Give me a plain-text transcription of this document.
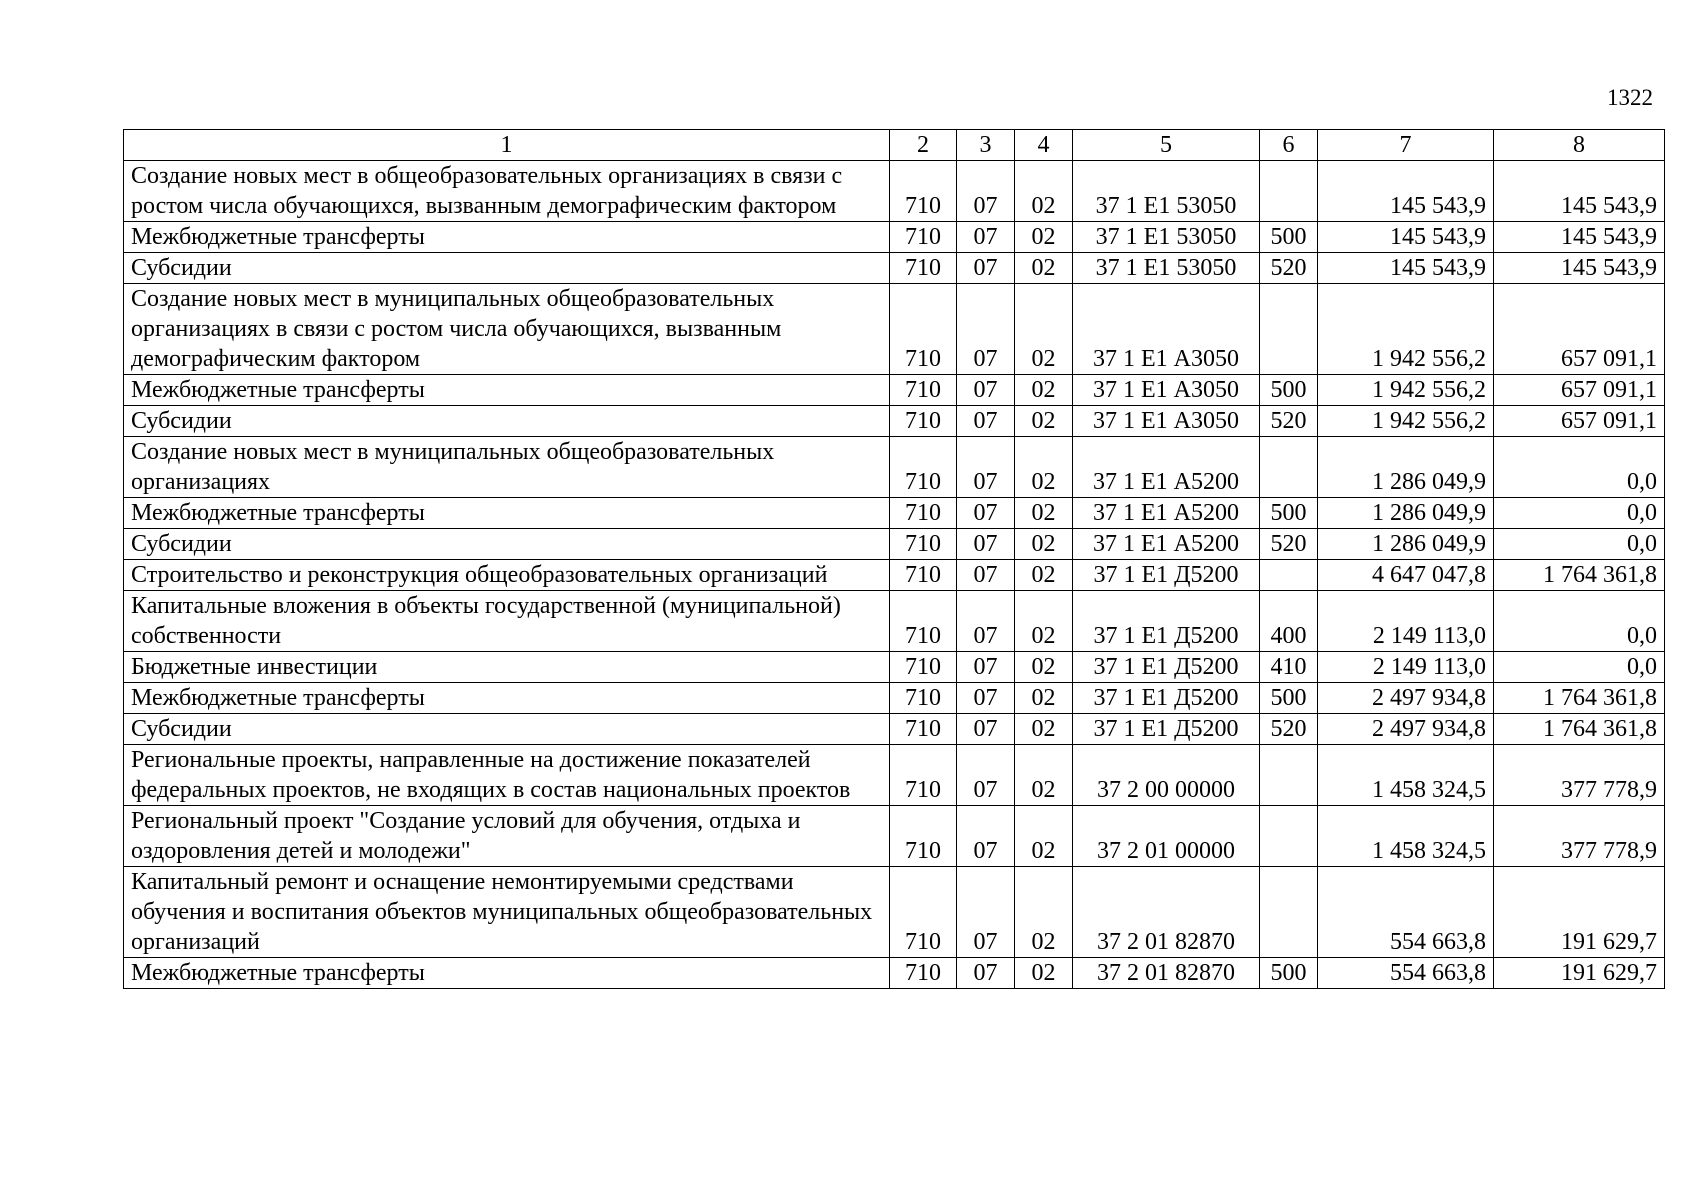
1322
1	2	3	4	5	6	7	8
Создание новых мест в общеобразовательных организациях в связи с ростом числа обучающихся, вызванным демографическим фактором	710	07	02	37 1 E1 53050		145 543,9	145 543,9
Межбюджетные трансферты	710	07	02	37 1 E1 53050	500	145 543,9	145 543,9
Субсидии	710	07	02	37 1 E1 53050	520	145 543,9	145 543,9
Создание новых мест в муниципальных общеобразовательных организациях в связи с ростом числа обучающихся, вызванным демографическим фактором	710	07	02	37 1 E1 А3050		1 942 556,2	657 091,1
Межбюджетные трансферты	710	07	02	37 1 E1 А3050	500	1 942 556,2	657 091,1
Субсидии	710	07	02	37 1 E1 А3050	520	1 942 556,2	657 091,1
Создание новых мест в муниципальных общеобразовательных организациях	710	07	02	37 1 E1 А5200		1 286 049,9	0,0
Межбюджетные трансферты	710	07	02	37 1 E1 А5200	500	1 286 049,9	0,0
Субсидии	710	07	02	37 1 E1 А5200	520	1 286 049,9	0,0
Строительство и реконструкция общеобразовательных организаций	710	07	02	37 1 E1 Д5200		4 647 047,8	1 764 361,8
Капитальные вложения в объекты государственной (муниципальной) собственности	710	07	02	37 1 E1 Д5200	400	2 149 113,0	0,0
Бюджетные инвестиции	710	07	02	37 1 E1 Д5200	410	2 149 113,0	0,0
Межбюджетные трансферты	710	07	02	37 1 E1 Д5200	500	2 497 934,8	1 764 361,8
Субсидии	710	07	02	37 1 E1 Д5200	520	2 497 934,8	1 764 361,8
Региональные проекты, направленные на достижение показателей федеральных проектов, не входящих в состав национальных проектов	710	07	02	37 2 00 00000		1 458 324,5	377 778,9
Региональный проект "Создание условий для обучения, отдыха и оздоровления детей и молодежи"	710	07	02	37 2 01 00000		1 458 324,5	377 778,9
Капитальный ремонт и оснащение немонтируемыми средствами обучения и воспитания объектов муниципальных общеобразовательных организаций	710	07	02	37 2 01 82870		554 663,8	191 629,7
Межбюджетные трансферты	710	07	02	37 2 01 82870	500	554 663,8	191 629,7
